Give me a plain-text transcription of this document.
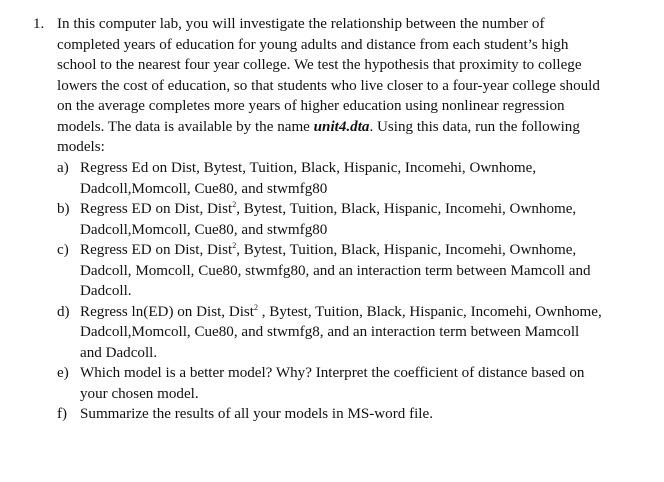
1. In this computer lab, you will investigate the relationship between the number of
completed years of education for young adults and distance from each student’s high
school to the nearest four year college. We test the hypothesis that proximity to college
lowers the cost of education, so that students who live closer to a four-year college should
on the average completes more years of higher education using nonlinear regression
models. The data is available by the name unit4.dta. Using this data, run the following
models:
a) Regress Ed on Dist, Bytest, Tuition, Black, Hispanic, Incomehi, Ownhome,
Dadcoll,Momcoll, Cue80, and stwmfg80
b) Regress ED on Dist, Dist$^2$, Bytest, Tuition, Black, Hispanic, Incomehi, Ownhome,
Dadcoll,Momcoll, Cue80, and stwmfg80
c) Regress ED on Dist, Dist$^2$, Bytest, Tuition, Black, Hispanic, Incomehi, Ownhome,
Dadcoll, Momcoll, Cue80, stwmfg80, and an interaction term between Mamcoll and
Dadcoll.
d) Regress ln(ED) on Dist, Dist$^2$ , Bytest, Tuition, Black, Hispanic, Incomehi, Ownhome,
Dadcoll,Momcoll, Cue80, and stwmfg8, and an interaction term between Mamcoll
and Dadcoll.
e) Which model is a better model? Why? Interpret the coefficient of distance based on
your chosen model.
f) Summarize the results of all your models in MS-word file.
